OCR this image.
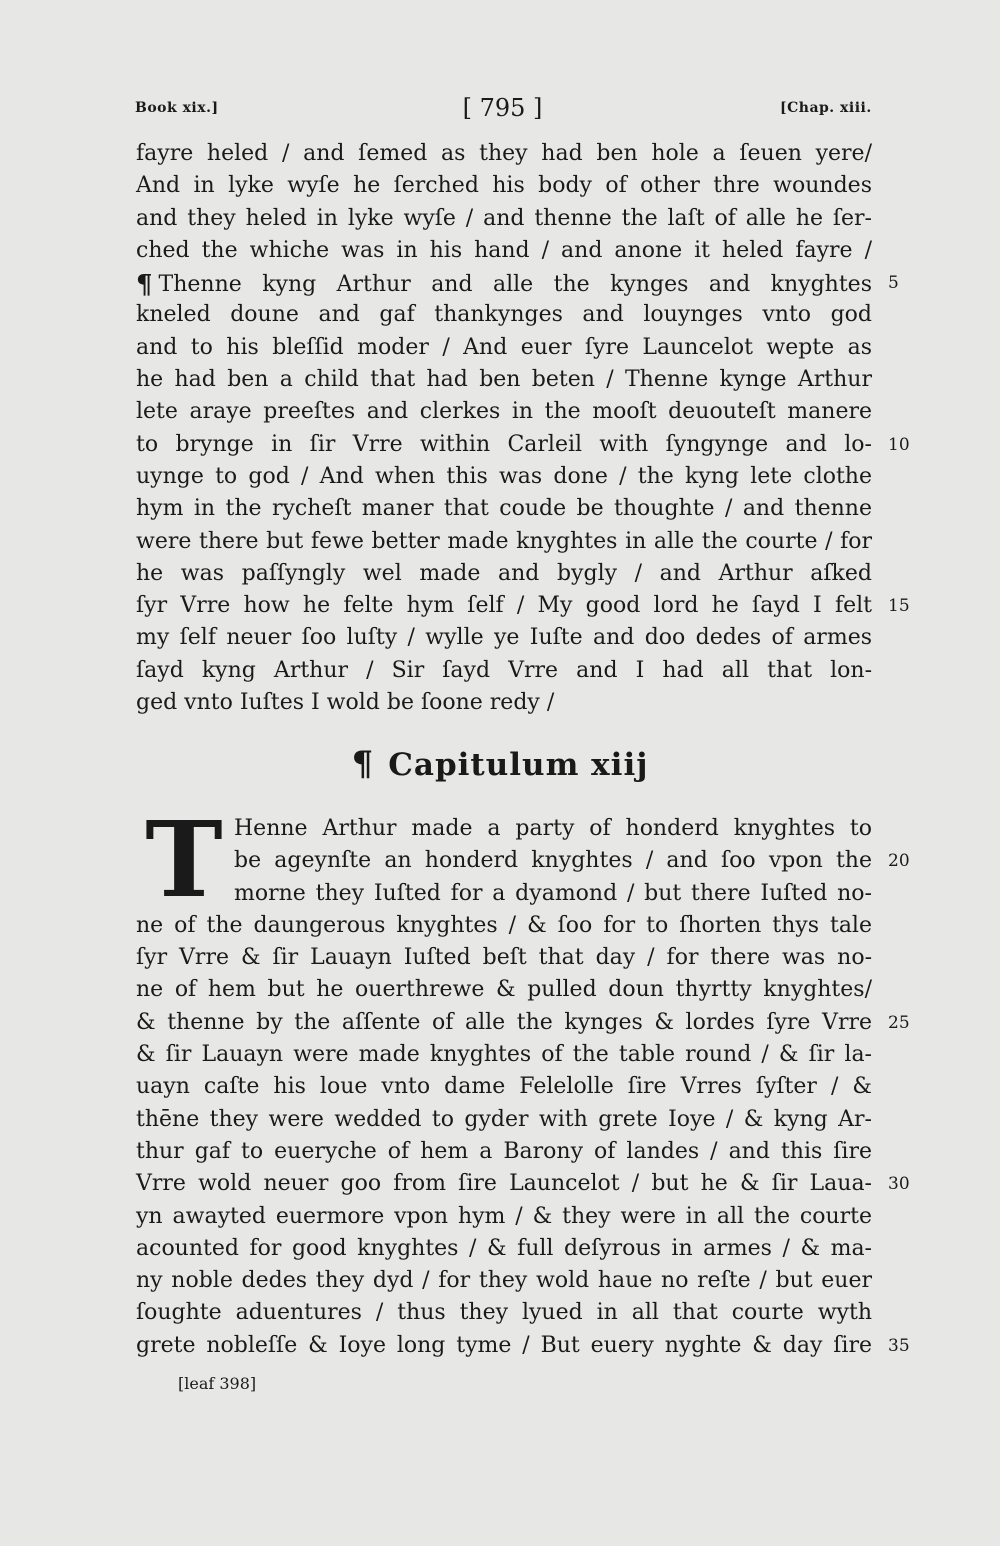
Book xix.]	[ 795 ]	[Chap. xiii.
fayre heled / and ſemed as they had ben hole a ſeuen yere/
And in lyke wyſe he ſerched his body of other thre woundes
and they heled in lyke wyſe / and thenne the laſt of alle he ſer-
ched the whiche was in his hand / and anone it heled fayre /
¶ Thenne kyng Arthur and alle the kynges and knyghtes 5
kneled doune and gaf thankynges and louynges vnto god
and to his bleſſid moder / And euer ſyre Launcelot wepte as
he had ben a child that had ben beten / Thenne kynge Arthur
lete araye preeſtes and clerkes in the mooſt deuouteſt manere
to brynge in ſir Vrre within Carleil with ſyngynge and lo- 10
uynge to god / And when this was done / the kyng lete clothe
hym in the rycheſt maner that coude be thoughte / and thenne
were there but fewe better made knyghtes in alle the courte / for
he was paſſyngly wel made and bygly / and Arthur aſked
ſyr Vrre how he felte hym ſelf / My good lord he ſayd I felt 15
my ſelf neuer ſoo luſty / wylle ye Iuſte and doo dedes of armes
ſayd kyng Arthur / Sir ſayd Vrre and I had all that lon-
ged vnto Iuſtes I wold be ſoone redy /
¶ Capitulum xiij
T Henne Arthur made a party of honderd knyghtes to
be ageynſte an honderd knyghtes / and ſoo vpon the 20
morne they Iuſted for a dyamond / but there Iuſted no-
ne of the daungerous knyghtes / & ſoo for to ſhorten thys tale
ſyr Vrre & ſir Lauayn Iuſted beſt that day / for there was no-
ne of hem but he ouerthrewe & pulled doun thyrtty knyghtes/
& thenne by the aſſente of alle the kynges & lordes ſyre Vrre 25
& ſir Lauayn were made knyghtes of the table round / & ſir la-
uayn caſte his loue vnto dame Felelolle ſire Vrres ſyſter / &
thēne they were wedded to gyder with grete Ioye / & kyng Ar-
thur gaf to eueryche of hem a Barony of landes / and this ſire
Vrre wold neuer goo from ſire Launcelot / but he & ſir Laua- 30
yn awayted euermore vpon hym / & they were in all the courte
acounted for good knyghtes / & full deſyrous in armes / & ma-
ny noble dedes they dyd / for they wold haue no reſte / but euer
ſoughte aduentures / thus they lyued in all that courte wyth
grete nobleſſe & Ioye long tyme / But euery nyghte & day ſire 35
[leaf 398]
